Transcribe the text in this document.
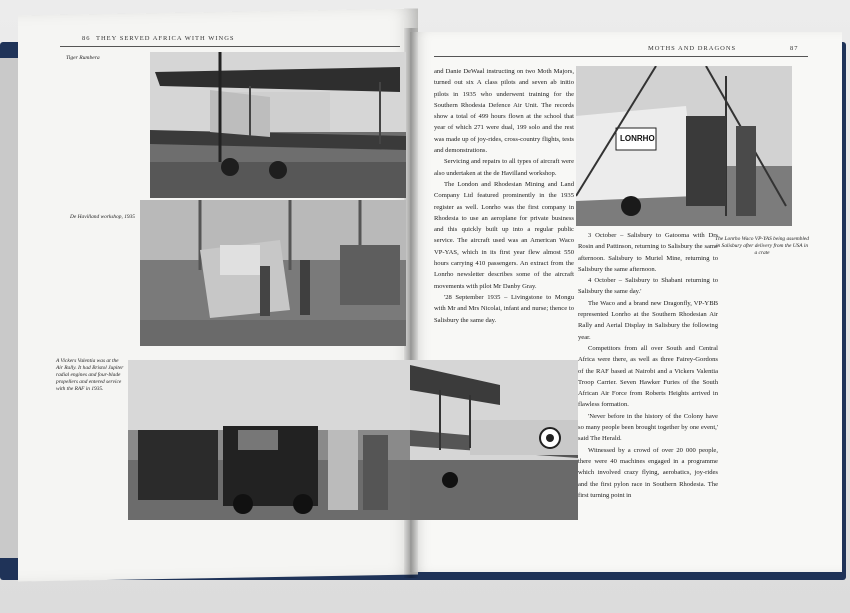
86 THEY SERVED AFRICA WITH WINGS
Tiger Rumbera
De Havilland workshop, 1935
A Vickers Valentia was at the Air Rally. It had Bristol Jupiter radial engines and four-blade propellers and entered service with the RAF in 1935.

and Danie DeWaal instructing on two Moth Majors, turned out six A class pilots and seven ab initio pilots in 1935 who underwent training for the Southern Rhodesia Defence Air Unit. The records show a total of 499 hours flown at the school that year of which 271 were dual, 199 solo and the rest was made up of joy-rides, cross-country flights, tests and demonstrations.

Servicing and repairs to all types of aircraft were also undertaken at the de Havilland workshop.

The London and Rhodesian Mining and Land Company Ltd featured prominently in the 1935 register as well. Lonrho was the first company in Rhodesia to use an aeroplane for private business and this quickly built up into a regular public service. The aircraft used was an American Waco VP-YAS, which in its first year flew almost 550 hours carrying 410 passengers. An extract from the Lonrho newsletter describes some of the aircraft movements with pilot Mr Danby Gray.

'28 September 1935 – Livingstone to Mongu with Mr and Mrs Nicolai, infant and nurse; thence to Salisbury the same day.

MOTHS AND DRAGONS	87
LONRHO
The Lonrho Waco VP-YAS being assembled in Salisbury after delivery from the USA in a crate

3 October – Salisbury to Gatooma with Drs Rosin and Pattinson, returning to Salisbury the same afternoon. Salisbury to Muriel Mine, returning to Salisbury the same afternoon.

4 October – Salisbury to Shabani returning to Salisbury the same day.'

The Waco and a brand new Dragonfly, VP-YBB represented Lonrho at the Southern Rhodesian Air Rally and Aerial Display in Salisbury the following year.

Competitors from all over South and Central Africa were there, as well as three Fairey-Gordons of the RAF based at Nairobi and a Vickers Valentia Troop Carrier. Seven Hawker Furies of the South African Air Force from Roberts Heights arrived in flawless formation.

'Never before in the history of the Colony have so many people been brought together by one event,' said The Herald.

Witnessed by a crowd of over 20 000 people, there were 40 machines engaged in a programme which involved crazy flying, aerobatics, joy-rides and the first pylon race in Southern Rhodesia. The first turning point in
